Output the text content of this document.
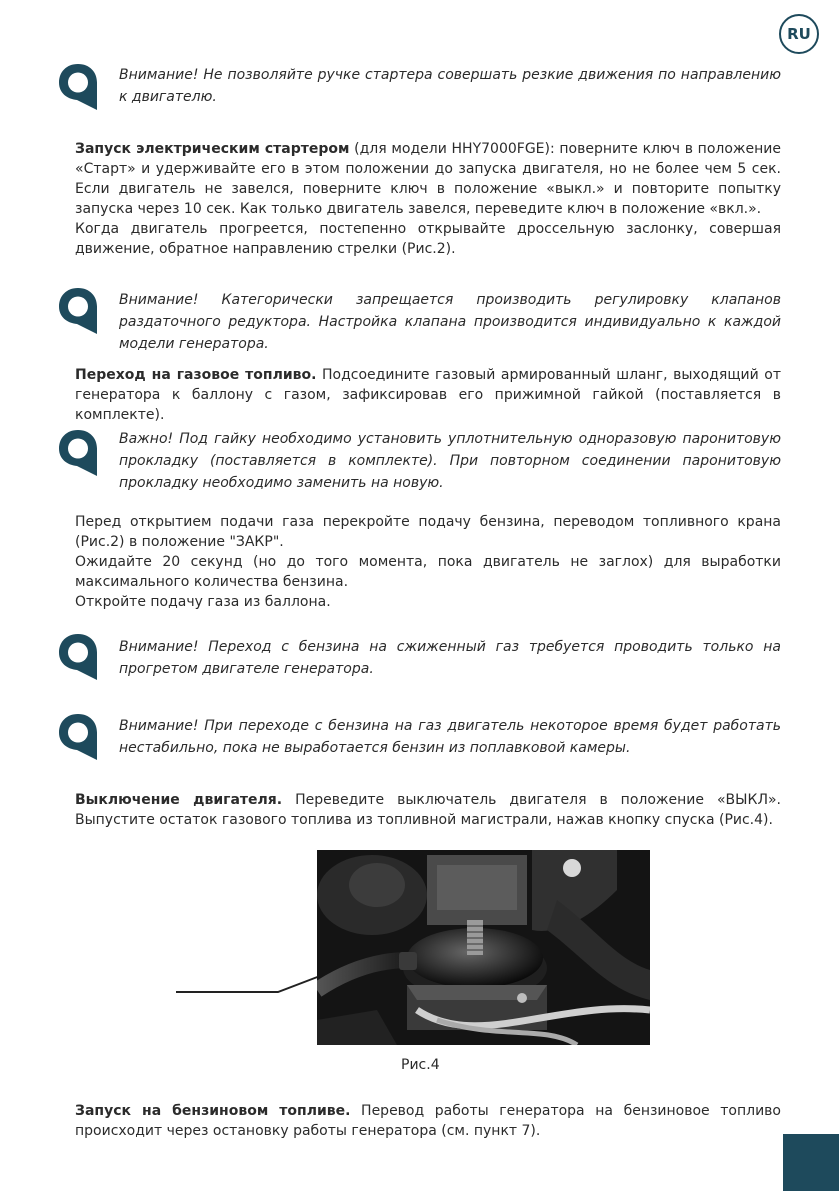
RU

Внимание! Не позволяйте ручке стартера совершать резкие движения по направлению к двигателю.

Запуск электрическим стартером (для модели HHY7000FGE): поверните ключ в положение «Старт» и удерживайте его в этом положении до запуска двигателя, но не более чем 5 сек. Если двигатель не завелся, поверните ключ в положение «выкл.» и повторите попытку запуска через 10 сек. Как только двигатель завелся, переведите ключ в положение «вкл.».
Когда двигатель прогреется, постепенно открывайте дроссельную заслонку, совершая движение, обратное направлению стрелки (Рис.2).

Внимание! Категорически запрещается производить регулировку клапанов раздаточного редуктора. Настройка клапана производится индивидуально к каждой модели генератора.

Переход на газовое топливо. Подсоедините газовый армированный шланг, выходящий от генератора к баллону с газом, зафиксировав его прижимной гайкой (поставляется в комплекте).

Важно! Под гайку необходимо установить уплотнительную одноразовую паронитовую прокладку (поставляется в комплекте). При повторном соединении паронитовую прокладку необходимо заменить на новую.

Перед открытием подачи газа перекройте подачу бензина, переводом топливного крана (Рис.2) в положение "ЗАКР".
Ожидайте 20 секунд (но до того момента, пока двигатель не заглох) для выработки максимального количества бензина.
Откройте подачу газа из баллона.

Внимание! Переход с бензина на сжиженный газ требуется проводить только на прогретом двигателе генератора.

Внимание! При переходе с бензина на газ двигатель некоторое время будет работать нестабильно, пока не выработается бензин из поплавковой камеры.

Выключение двигателя. Переведите выключатель двигателя в положение «ВЫКЛ». Выпустите остаток газового топлива из топливной магистрали, нажав кнопку спуска (Рис.4).
Рис.4
Запуск на бензиновом топливе. Перевод работы генератора на бензиновое топливо происходит через остановку работы генератора (см. пункт 7).
